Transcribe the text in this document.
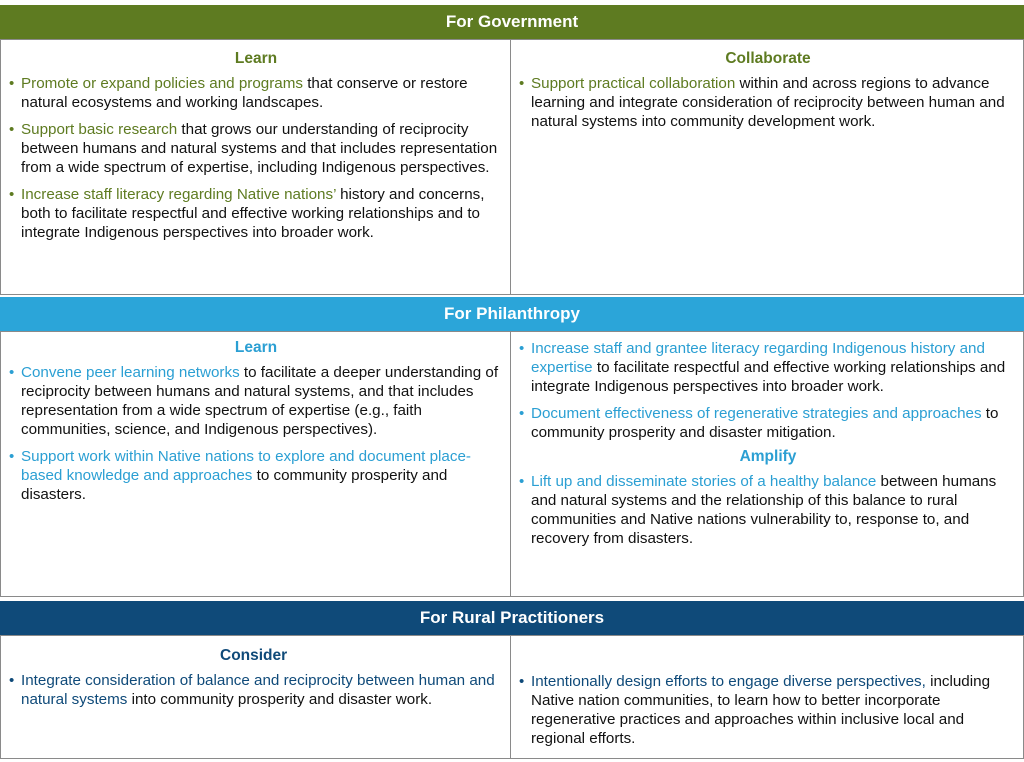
For Government
Learn
• Promote or expand policies and programs that conserve or restore natural ecosystems and working landscapes.
• Support basic research that grows our understanding of reciprocity between humans and natural systems and that includes representation from a wide spectrum of expertise, including Indigenous perspectives.
• Increase staff literacy regarding Native nations’ history and concerns, both to facilitate respectful and effective working relationships and to integrate Indigenous perspectives into broader work.
Collaborate
• Support practical collaboration within and across regions to advance learning and integrate consideration of reciprocity between human and natural systems into community development work.
For Philanthropy
Learn
• Convene peer learning networks to facilitate a deeper understanding of reciprocity between humans and natural systems, and that includes representation from a wide spectrum of expertise (e.g., faith communities, science, and Indigenous perspectives).
• Support work within Native nations to explore and document place-based knowledge and approaches to community prosperity and disasters.
• Increase staff and grantee literacy regarding Indigenous history and expertise to facilitate respectful and effective working relationships and integrate Indigenous perspectives into broader work.
• Document effectiveness of regenerative strategies and approaches to community prosperity and disaster mitigation.
Amplify
• Lift up and disseminate stories of a healthy balance between humans and natural systems and the relationship of this balance to rural communities and Native nations vulnerability to, response to, and recovery from disasters.
For Rural Practitioners
Consider
• Integrate consideration of balance and reciprocity between human and natural systems into community prosperity and disaster work.
• Intentionally design efforts to engage diverse perspectives, including Native nation communities, to learn how to better incorporate regenerative practices and approaches within inclusive local and regional efforts.
